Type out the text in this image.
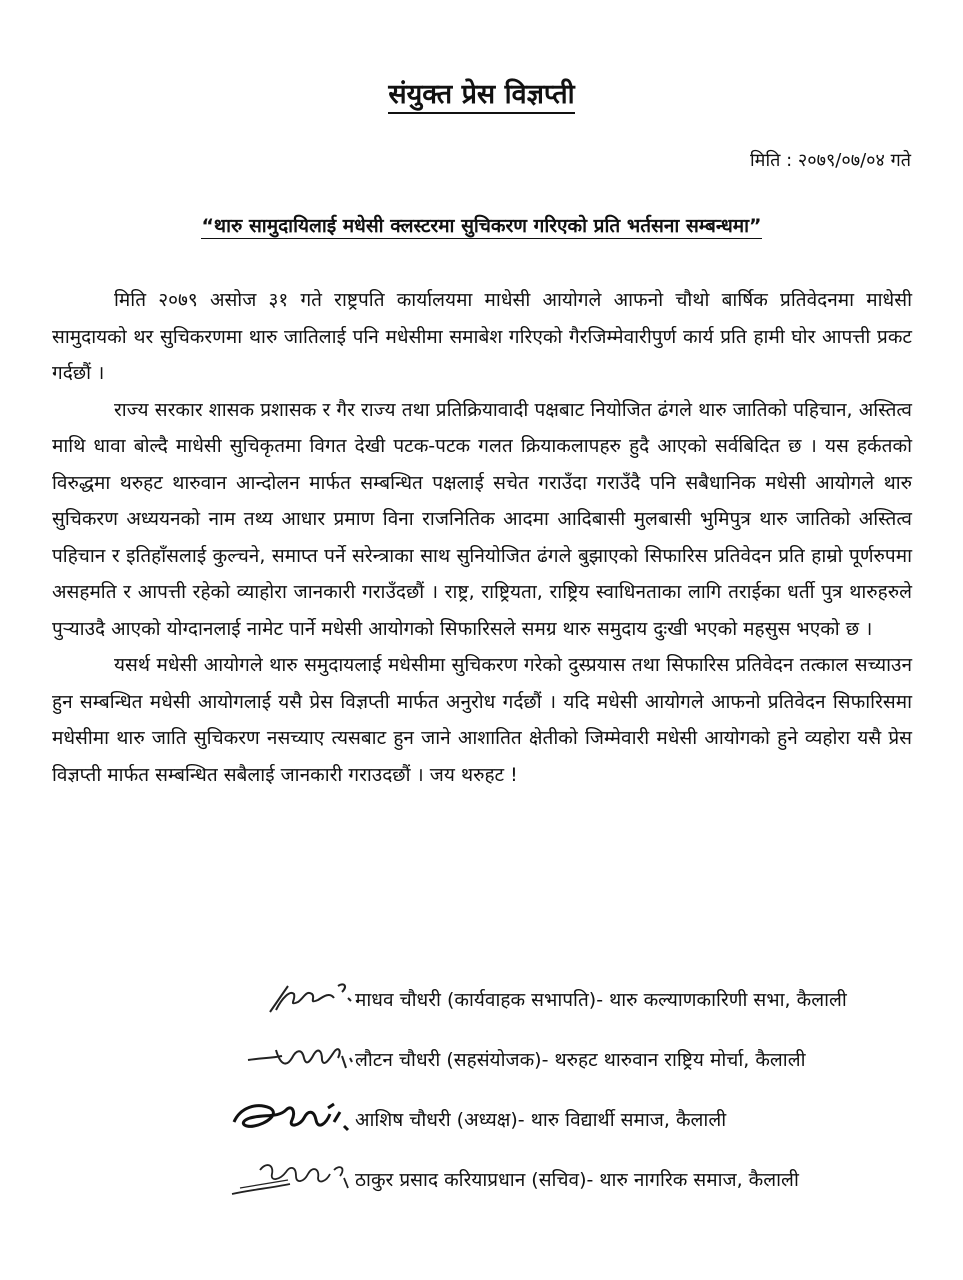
संयुक्त प्रेस विज्ञप्ती
मिति : २०७९/०७/०४ गते
“थारु सामुदायिलाई मधेसी क्लस्टरमा सुचिकरण गरिएको प्रति भर्तसना सम्बन्धमा”

मिति २०७९ असोज ३१ गते राष्ट्रपति कार्यालयमा माधेसी आयोगले आफनो चौथो बार्षिक प्रतिवेदनमा माधेसी सामुदायको थर सुचिकरणमा थारु जातिलाई पनि मधेसीमा समाबेश गरिएको गैरजिम्मेवारीपुर्ण कार्य प्रति हामी घोर आपत्ती प्रकट गर्दछौं ।

राज्य सरकार शासक प्रशासक र गैर राज्य तथा प्रतिक्रियावादी पक्षबाट नियोजित ढंगले थारु जातिको पहिचान, अस्तित्व माथि धावा बोल्दै माधेसी सुचिकृतमा विगत देखी पटक-पटक गलत क्रियाकलापहरु हुदै आएको सर्वबिदित छ । यस हर्कतको विरुद्धमा थरुहट थारुवान आन्दोलन मार्फत सम्बन्धित पक्षलाई सचेत गराउँदा गराउँदै पनि सबैधानिक मधेसी आयोगले थारु सुचिकरण अध्ययनको नाम तथ्य आधार प्रमाण विना राजनितिक आदमा आदिबासी मुलबासी भुमिपुत्र थारु जातिको अस्तित्व पहिचान र इतिहाँसलाई कुल्चने, समाप्त पर्ने सरेन्त्राका साथ सुनियोजित ढंगले बुझाएको सिफारिस प्रतिवेदन प्रति हाम्रो पूर्णरुपमा असहमति र आपत्ती रहेको व्याहोरा जानकारी गराउँदछौं । राष्ट्र, राष्ट्रियता, राष्ट्रिय स्वाधिनताका लागि तराईका धर्ती पुत्र थारुहरुले पुऱ्याउदै आएको योग्दानलाई नामेट पार्ने मधेसी आयोगको सिफारिसले समग्र थारु समुदाय दुःखी भएको महसुस भएको छ ।

यसर्थ मधेसी आयोगले थारु समुदायलाई मधेसीमा सुचिकरण गरेको दुस्प्रयास तथा सिफारिस प्रतिवेदन तत्काल सच्याउन हुन सम्बन्धित मधेसी आयोगलाई यसै प्रेस विज्ञप्ती मार्फत अनुरोध गर्दछौं । यदि मधेसी आयोगले आफनो प्रतिवेदन सिफारिसमा मधेसीमा थारु जाति सुचिकरण नसच्याए त्यसबाट हुन जाने आशातित क्षेतीको जिम्मेवारी मधेसी आयोगको हुने व्यहोरा यसै प्रेस विज्ञप्ती मार्फत सम्बन्धित सबैलाई जानकारी गराउदछौं । जय थरुहट !

माधव चौधरी (कार्यवाहक सभापति)- थारु कल्याणकारिणी सभा, कैलाली
लौटन चौधरी (सहसंयोजक)- थरुहट थारुवान राष्ट्रिय मोर्चा, कैलाली
आशिष चौधरी (अध्यक्ष)- थारु विद्यार्थी समाज, कैलाली
ठाकुर प्रसाद करियाप्रधान (सचिव)- थारु नागरिक समाज, कैलाली
